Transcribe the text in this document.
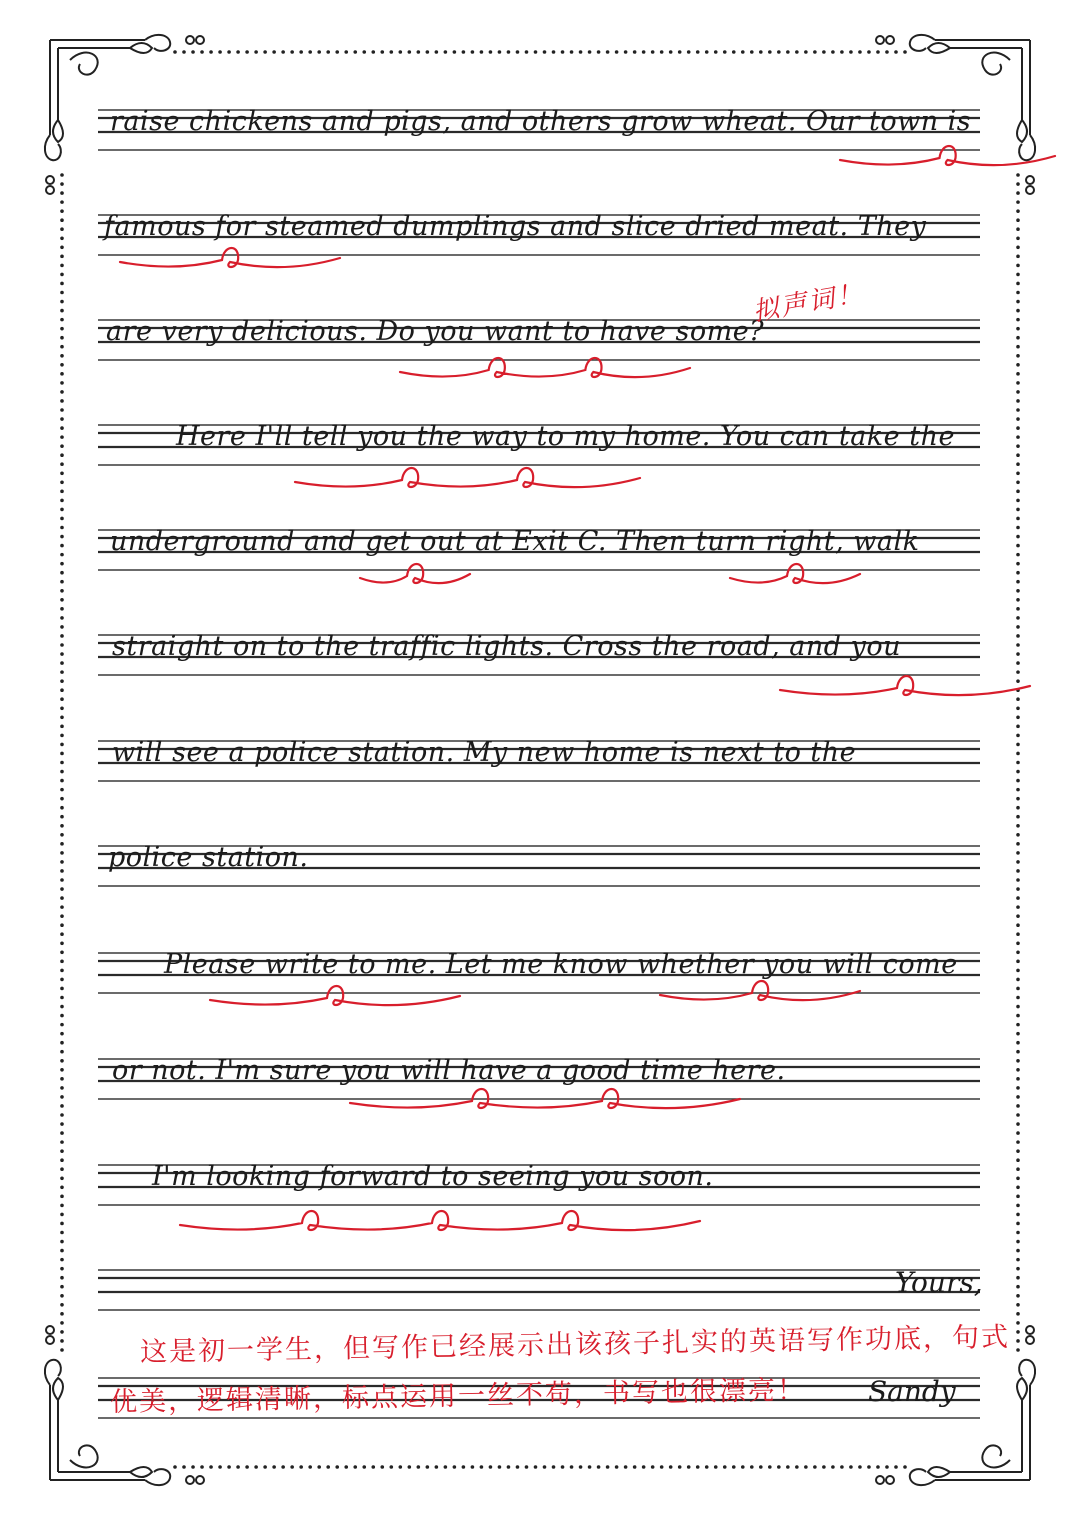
raise chickens and pigs, and others grow wheat. Our town is
famous for steamed dumplings and slice dried meat. They
are very delicious. Do you want to have some?
Here I'll tell you the way to my home. You can take the
underground and get out at Exit C. Then turn right, walk
straight on to the traffic lights. Cross the road, and you
will see a police station. My new home is next to the
police station.
Please write to me. Let me know whether you will come
or not. I'm sure you will have a good time here.
I'm looking forward to seeing you soon.
Yours,
拟声词！
这是初一学生，但写作已经展示出该孩子扎实的英语写作功底，句式
优美，逻辑清晰，标点运用一丝不苟，书写也很漂亮！ Sandy
